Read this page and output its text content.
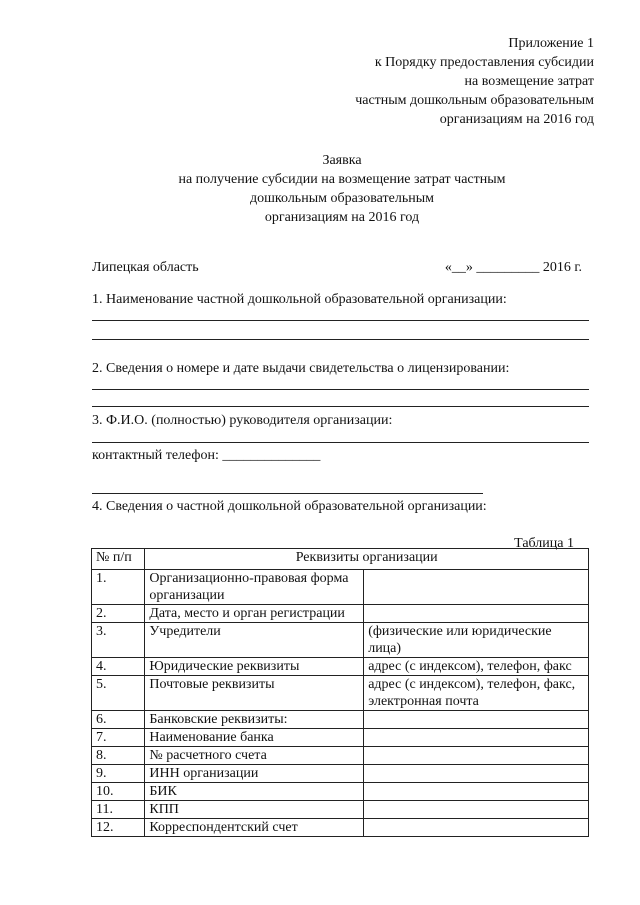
Приложение 1
к Порядку предоставления субсидии
на возмещение затрат
частным дошкольным образовательным
организациям на 2016 год
Заявка
на получение субсидии на возмещение затрат частным
дошкольным образовательным
организациям на 2016 год
Липецкая область	«__» _________ 2016 г.
1. Наименование частной дошкольной образовательной организации:
2. Сведения о номере и дате выдачи свидетельства о лицензировании:
3. Ф.И.О. (полностью) руководителя организации:
контактный телефон: ______________
4. Сведения о частной дошкольной образовательной организации:
Таблица 1
№ п/п	Реквизиты организации	
1.	Организационно-правовая форма организации	
2.	Дата, место и орган регистрации	
3.	Учредители	(физические или юридические лица)
4.	Юридические реквизиты	адрес (с индексом), телефон, факс
5.	Почтовые реквизиты	адрес (с индексом), телефон, факс, электронная почта
6.	Банковские реквизиты:	
7.	Наименование банка	
8.	№ расчетного счета	
9.	ИНН организации	
10.	БИК	
11.	КПП	
12.	Корреспондентский счет	
